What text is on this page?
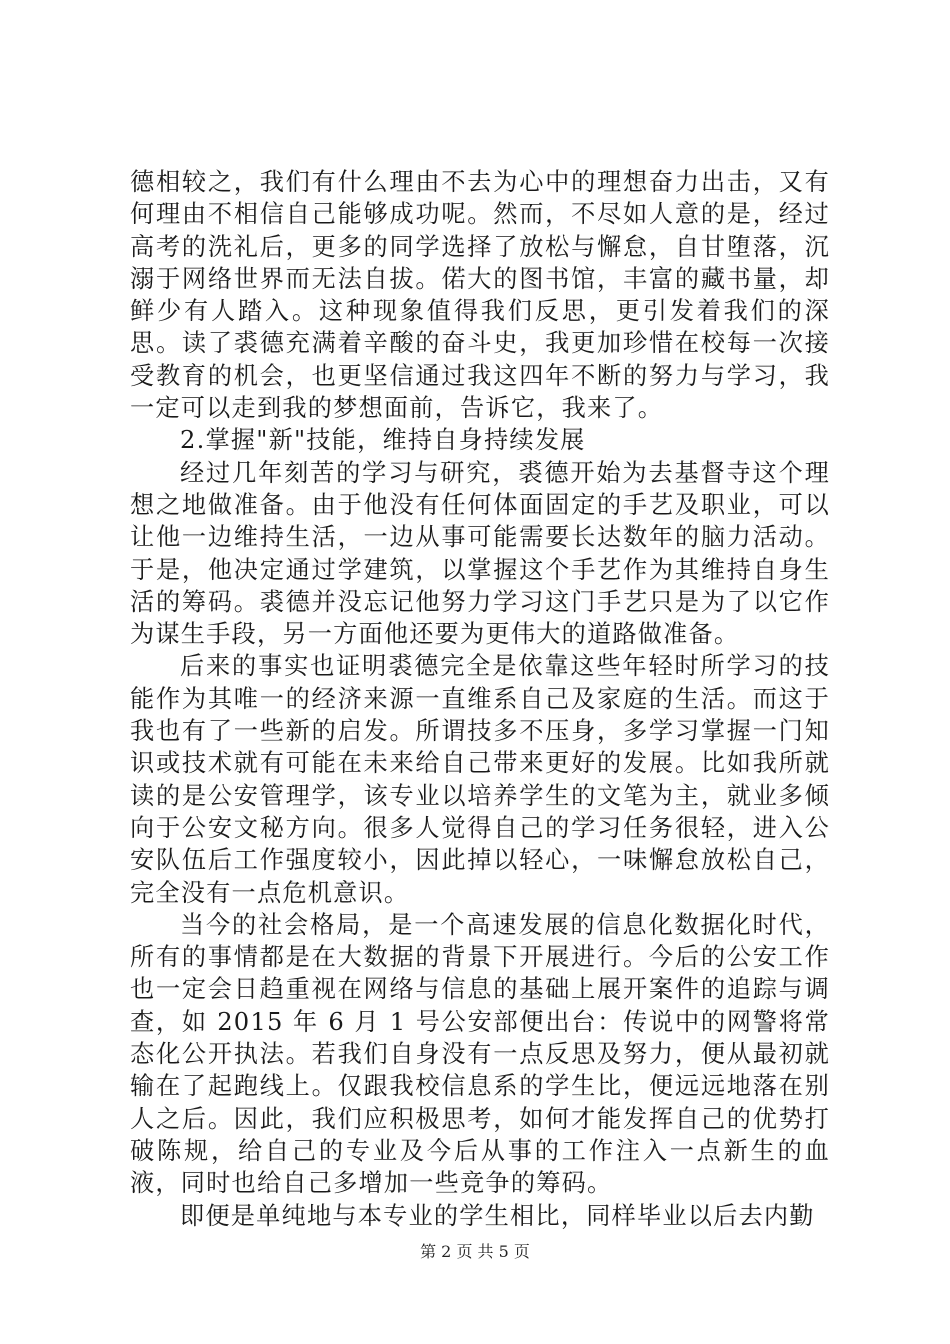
德相较之，我们有什么理由不去为心中的理想奋力出击，又有何理由不相信自己能够成功呢。然而，不尽如人意的是，经过高考的洗礼后，更多的同学选择了放松与懈怠，自甘堕落，沉溺于网络世界而无法自拔。偌大的图书馆，丰富的藏书量，却鲜少有人踏入。这种现象值得我们反思，更引发着我们的深思。读了裘德充满着辛酸的奋斗史，我更加珍惜在校每一次接受教育的机会，也更坚信通过我这四年不断的努力与学习，我一定可以走到我的梦想面前，告诉它，我来了。

2.掌握"新"技能，维持自身持续发展

经过几年刻苦的学习与研究，裘德开始为去基督寺这个理想之地做准备。由于他没有任何体面固定的手艺及职业，可以让他一边维持生活，一边从事可能需要长达数年的脑力活动。于是，他决定通过学建筑，以掌握这个手艺作为其维持自身生活的筹码。裘德并没忘记他努力学习这门手艺只是为了以它作为谋生手段，另一方面他还要为更伟大的道路做准备。

后来的事实也证明裘德完全是依靠这些年轻时所学习的技能作为其唯一的经济来源一直维系自己及家庭的生活。而这于我也有了一些新的启发。所谓技多不压身，多学习掌握一门知识或技术就有可能在未来给自己带来更好的发展。比如我所就读的是公安管理学，该专业以培养学生的文笔为主，就业多倾向于公安文秘方向。很多人觉得自己的学习任务很轻，进入公安队伍后工作强度较小，因此掉以轻心，一味懈怠放松自己，完全没有一点危机意识。

当今的社会格局，是一个高速发展的信息化数据化时代，所有的事情都是在大数据的背景下开展进行。今后的公安工作也一定会日趋重视在网络与信息的基础上展开案件的追踪与调查，如 2015 年 6 月 1 号公安部便出台：传说中的网警将常态化公开执法。若我们自身没有一点反思及努力，便从最初就输在了起跑线上。仅跟我校信息系的学生比，便远远地落在别人之后。因此，我们应积极思考，如何才能发挥自己的优势打破陈规，给自己的专业及今后从事的工作注入一点新生的血液，同时也给自己多增加一些竞争的筹码。

即便是单纯地与本专业的学生相比，同样毕业以后去内勤

第 2 页 共 5 页
